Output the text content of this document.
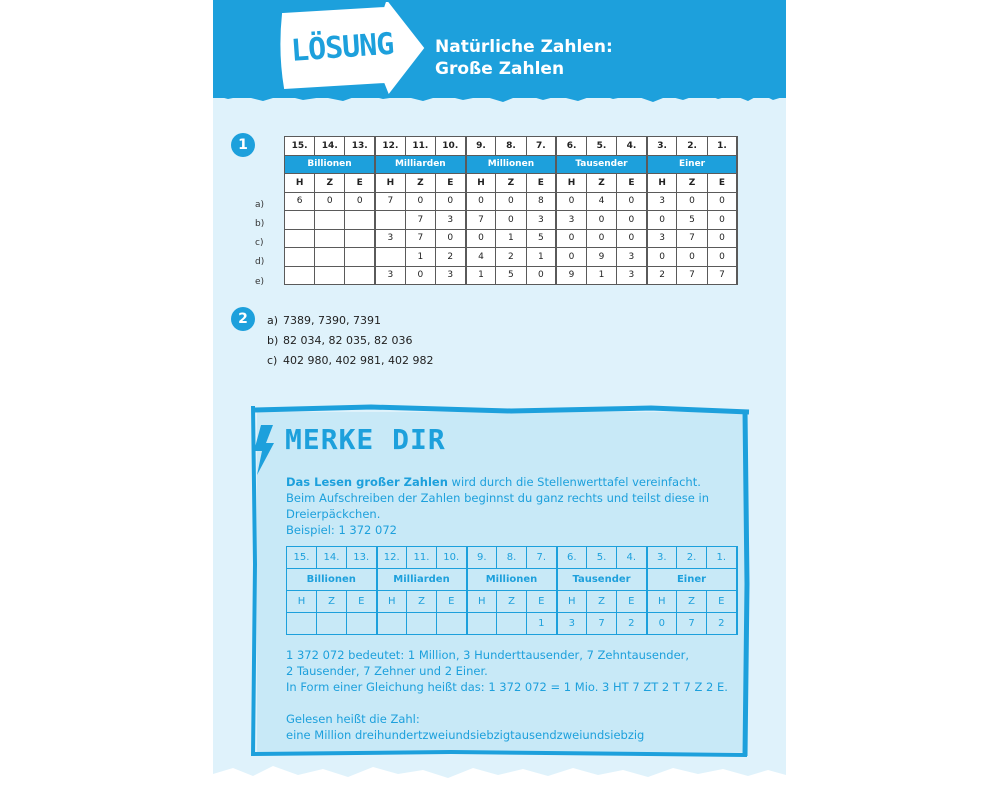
LÖSUNG	Natürliche Zahlen:
Große Zahlen
1
a)
b)
c)
d)
e)
15.	14.	13.	12.	11.	10.	9.	8.	7.	6.	5.	4.	3.	2.	1.
Billionen			Milliarden			Millionen			Tausender			Einer		
H	Z	E	H	Z	E	H	Z	E	H	Z	E	H	Z	E
6	0	0	7	0	0	0	0	8	0	4	0	3	0	0
				7	3	7	0	3	3	0	0	0	5	0
			3	7	0	0	1	5	0	0	0	3	7	0
				1	2	4	2	1	0	9	3	0	0	0
			3	0	3	1	5	0	9	1	3	2	7	7
2	a) 7389, 7390, 7391
b) 82 034, 82 035, 82 036
c) 402 980, 402 981, 402 982
MERKE DIR
Das Lesen großer Zahlen wird durch die Stellenwerttafel vereinfacht.
Beim Aufschreiben der Zahlen beginnst du ganz rechts und teilst diese in
Dreierpäckchen.
Beispiel: 1 372 072
15.	14.	13.	12.	11.	10.	9.	8.	7.	6.	5.	4.	3.	2.	1.
Billionen			Milliarden			Millionen			Tausender			Einer		
H	Z	E	H	Z	E	H	Z	E	H	Z	E	H	Z	E
								1	3	7	2	0	7	2
1 372 072 bedeutet: 1 Million, 3 Hunderttausender, 7 Zehntausender,
2 Tausender, 7 Zehner und 2 Einer.
In Form einer Gleichung heißt das: 1 372 072 = 1 Mio. 3 HT 7 ZT 2 T 7 Z 2 E.
Gelesen heißt die Zahl:
eine Million dreihundertzweiundsiebzigtausendzweiundsiebzig
